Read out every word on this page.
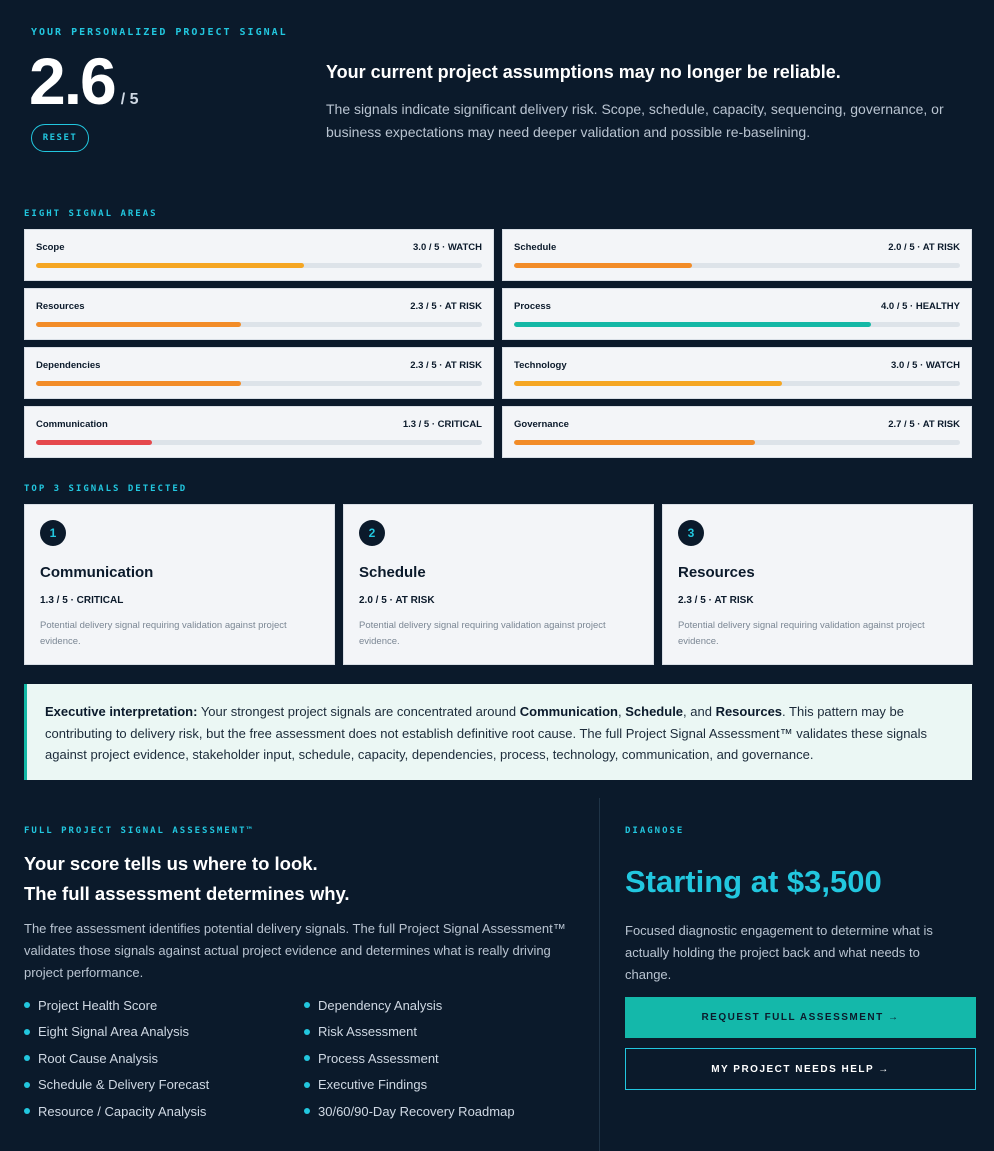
YOUR PERSONALIZED PROJECT SIGNAL
2.6 / 5
RESET
Your current project assumptions may no longer be reliable.
The signals indicate significant delivery risk. Scope, schedule, capacity, sequencing, governance, or business expectations may need deeper validation and possible re-baselining.
EIGHT SIGNAL AREAS
Scope	3.0 / 5 · WATCH	Schedule	2.0 / 5 · AT RISK
Resources	2.3 / 5 · AT RISK	Process	4.0 / 5 · HEALTHY
Dependencies	2.3 / 5 · AT RISK	Technology	3.0 / 5 · WATCH
Communication	1.3 / 5 · CRITICAL	Governance	2.7 / 5 · AT RISK
TOP 3 SIGNALS DETECTED
1
Communication
1.3 / 5 · CRITICAL
Potential delivery signal requiring validation against project evidence.
2
Schedule
2.0 / 5 · AT RISK
Potential delivery signal requiring validation against project evidence.
3
Resources
2.3 / 5 · AT RISK
Potential delivery signal requiring validation against project evidence.
Executive interpretation: Your strongest project signals are concentrated around Communication, Schedule, and Resources. This pattern may be contributing to delivery risk, but the free assessment does not establish definitive root cause. The full Project Signal Assessment™ validates these signals against project evidence, stakeholder input, schedule, capacity, dependencies, process, technology, communication, and governance.
FULL PROJECT SIGNAL ASSESSMENT™
Your score tells us where to look.
The full assessment determines why.
The free assessment identifies potential delivery signals. The full Project Signal Assessment™ validates those signals against actual project evidence and determines what is really driving project performance.
Project Health Score	Dependency Analysis
Eight Signal Area Analysis	Risk Assessment
Root Cause Analysis	Process Assessment
Schedule & Delivery Forecast	Executive Findings
Resource / Capacity Analysis	30/60/90-Day Recovery Roadmap
DIAGNOSE
Starting at $3,500
Focused diagnostic engagement to determine what is actually holding the project back and what needs to change.
REQUEST FULL ASSESSMENT →
MY PROJECT NEEDS HELP →
